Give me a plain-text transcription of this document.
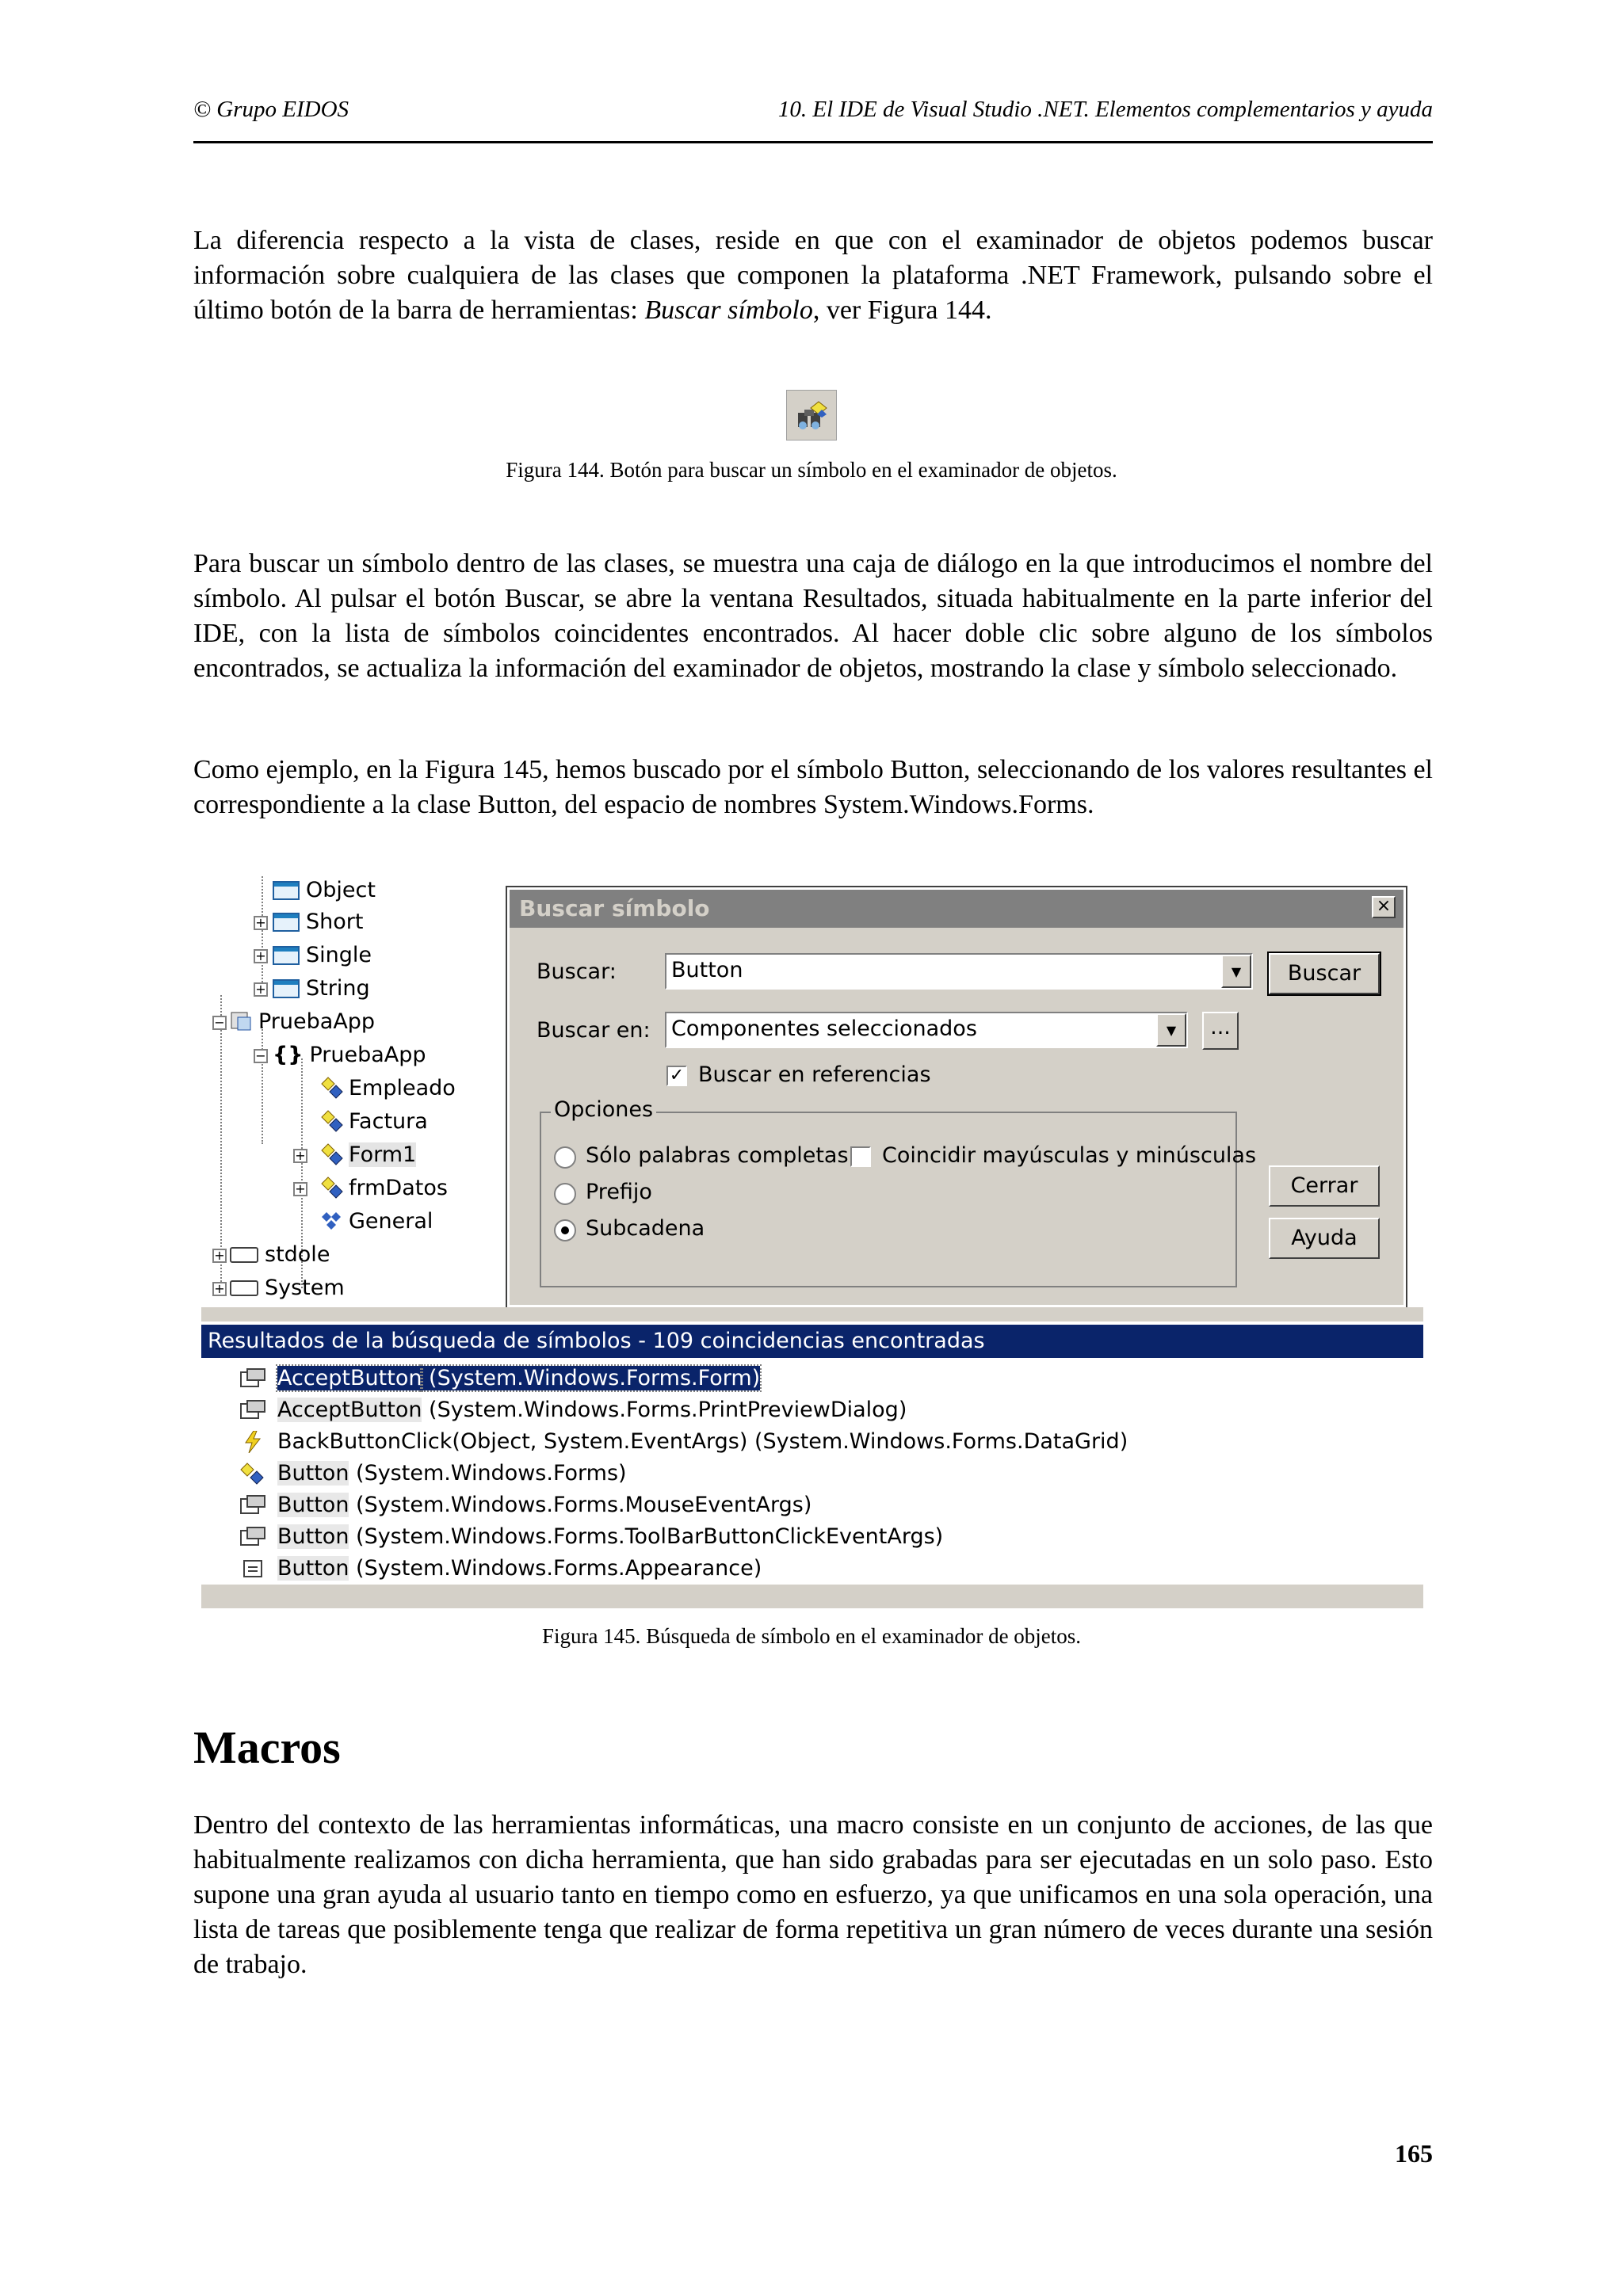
© Grupo EIDOS	10. El IDE de Visual Studio .NET. Elementos complementarios y ayuda
La diferencia respecto a la vista de clases, reside en que con el examinador de objetos podemos buscar información sobre cualquiera de las clases que componen la plataforma .NET Framework, pulsando sobre el último botón de la barra de herramientas: Buscar símbolo, ver Figura 144.
Figura 144. Botón para buscar un símbolo en el examinador de objetos.
Para buscar un símbolo dentro de las clases, se muestra una caja de diálogo en la que introducimos el nombre del símbolo. Al pulsar el botón Buscar, se abre la ventana Resultados, situada habitualmente en la parte inferior del IDE, con la lista de símbolos coincidentes encontrados. Al hacer doble clic sobre alguno de los símbolos encontrados, se actualiza la información del examinador de objetos, mostrando la clase y símbolo seleccionado.
Como ejemplo, en la Figura 145, hemos buscado por el símbolo Button, seleccionando de los valores resultantes el correspondiente a la clase Button, del espacio de nombres System.Windows.Forms.
Object
+	Short
+	Single
+	String
−	PruebaApp
− {} PruebaApp
Empleado
Factura
+	Form1
+	frmDatos
General
+	stdole
+	System
Buscar símbolo	×
Buscar:	Button	▼	Buscar
Buscar en: Componentes seleccionados	▼	...
✓ Buscar en referencias
Opciones
Sólo palabras completas Coincidir mayúsculas y minúsculas
Prefijo
Subcadena
Cerrar
Ayuda
Resultados de la búsqueda de símbolos - 109 coincidencias encontradas
AcceptButton (System.Windows.Forms.Form)
AcceptButton (System.Windows.Forms.PrintPreviewDialog)
BackButtonClick(Object, System.EventArgs) (System.Windows.Forms.DataGrid)
Button (System.Windows.Forms)
Button (System.Windows.Forms.MouseEventArgs)
Button (System.Windows.Forms.ToolBarButtonClickEventArgs)
Button (System.Windows.Forms.Appearance)
Figura 145. Búsqueda de símbolo en el examinador de objetos.
Macros
Dentro del contexto de las herramientas informáticas, una macro consiste en un conjunto de acciones, de las que habitualmente realizamos con dicha herramienta, que han sido grabadas para ser ejecutadas en un solo paso. Esto supone una gran ayuda al usuario tanto en tiempo como en esfuerzo, ya que unificamos en una sola operación, una lista de tareas que posiblemente tenga que realizar de forma repetitiva un gran número de veces durante una sesión de trabajo.
165
